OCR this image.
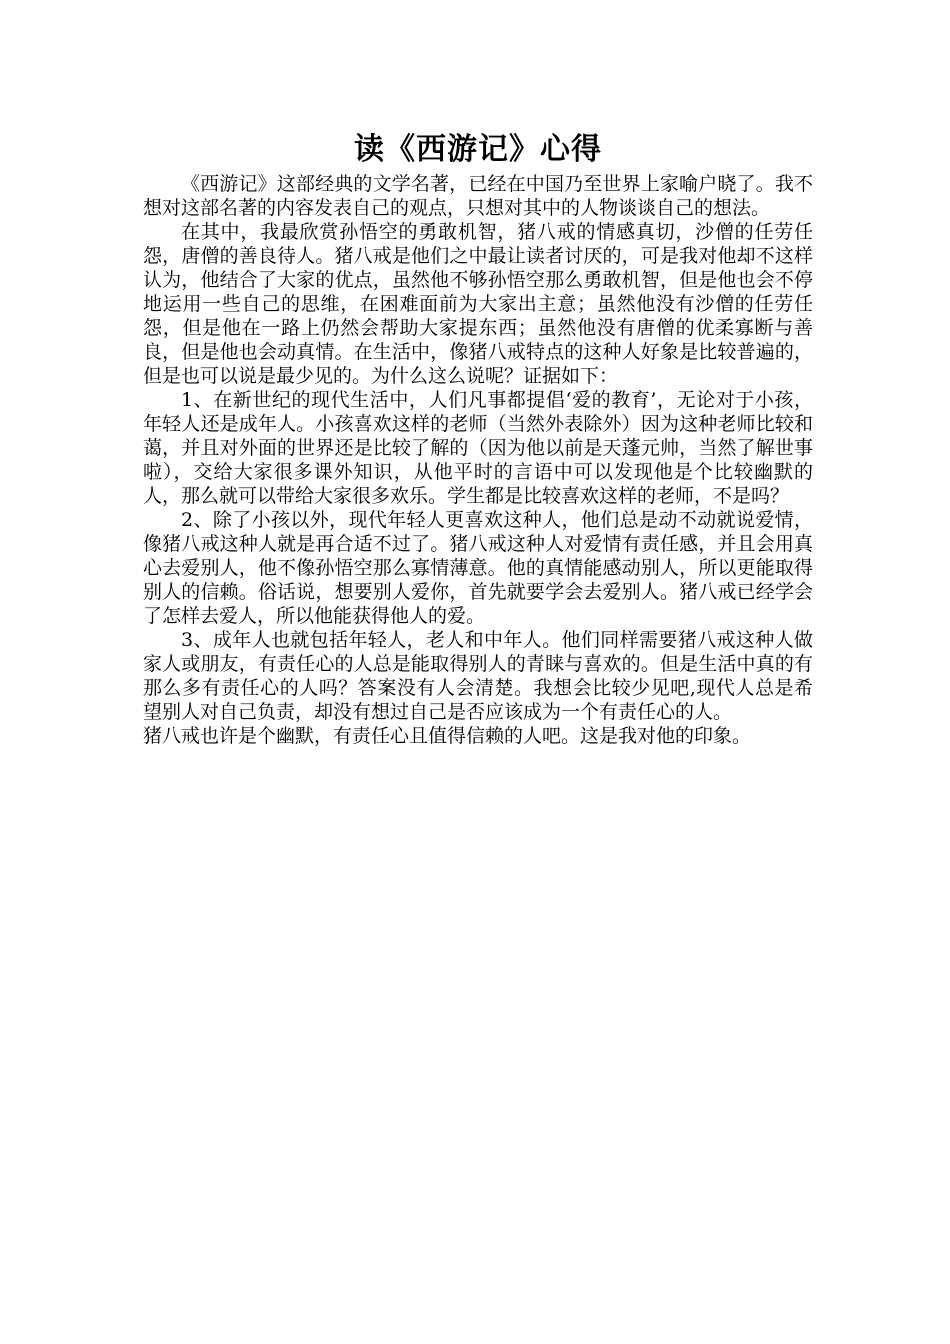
读《西游记》心得

《西游记》这部经典的文学名著，已经在中国乃至世界上家喻户晓了。我不想对这部名著的内容发表自己的观点，只想对其中的人物谈谈自己的想法。

在其中，我最欣赏孙悟空的勇敢机智，猪八戒的情感真切，沙僧的任劳任怨，唐僧的善良待人。猪八戒是他们之中最让读者讨厌的，可是我对他却不这样认为，他结合了大家的优点，虽然他不够孙悟空那么勇敢机智，但是他也会不停地运用一些自己的思维，在困难面前为大家出主意；虽然他没有沙僧的任劳任怨，但是他在一路上仍然会帮助大家提东西；虽然他没有唐僧的优柔寡断与善良，但是他也会动真情。在生活中，像猪八戒特点的这种人好象是比较普遍的，但是也可以说是最少见的。为什么这么说呢？证据如下：

1、在新世纪的现代生活中，人们凡事都提倡‘爱的教育’，无论对于小孩，年轻人还是成年人。小孩喜欢这样的老师（当然外表除外）因为这种老师比较和蔼，并且对外面的世界还是比较了解的（因为他以前是天蓬元帅，当然了解世事啦），交给大家很多课外知识，从他平时的言语中可以发现他是个比较幽默的人，那么就可以带给大家很多欢乐。学生都是比较喜欢这样的老师，不是吗？

2、除了小孩以外，现代年轻人更喜欢这种人，他们总是动不动就说爱情，像猪八戒这种人就是再合适不过了。猪八戒这种人对爱情有责任感，并且会用真心去爱别人，他不像孙悟空那么寡情薄意。他的真情能感动别人，所以更能取得别人的信赖。俗话说，想要别人爱你，首先就要学会去爱别人。猪八戒已经学会了怎样去爱人，所以他能获得他人的爱。

3、成年人也就包括年轻人，老人和中年人。他们同样需要猪八戒这种人做家人或朋友，有责任心的人总是能取得别人的青睐与喜欢的。但是生活中真的有那么多有责任心的人吗？答案没有人会清楚。我想会比较少见吧,现代人总是希望别人对自己负责，却没有想过自己是否应该成为一个有责任心的人。

猪八戒也许是个幽默，有责任心且值得信赖的人吧。这是我对他的印象。
